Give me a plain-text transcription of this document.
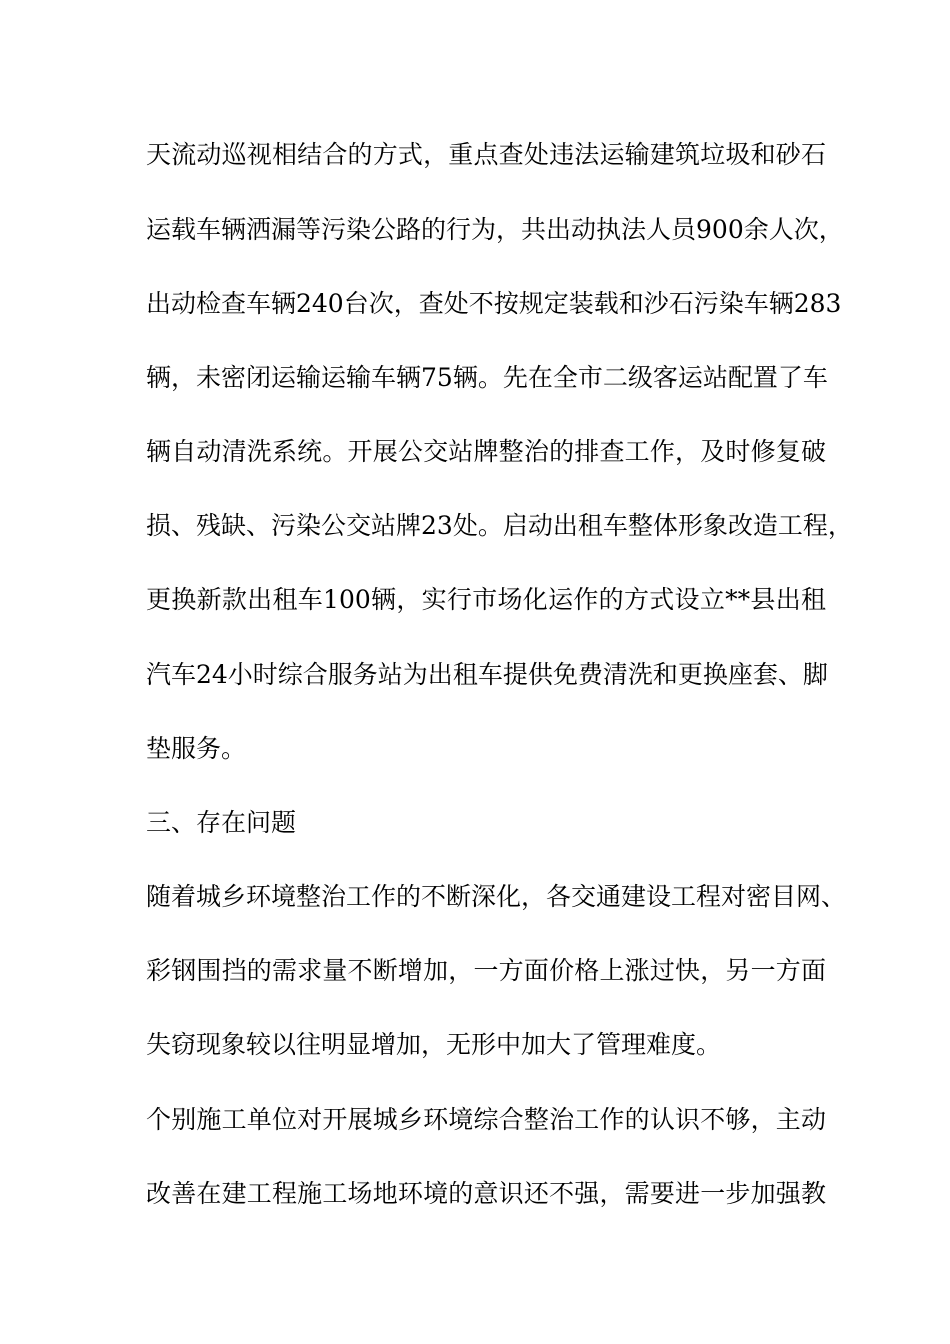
天流动巡视相结合的方式，重点查处违法运输建筑垃圾和砂石
运载车辆洒漏等污染公路的行为，共出动执法人员900余人次，
出动检查车辆240台次，查处不按规定装载和沙石污染车辆283
辆，未密闭运输运输车辆75辆。先在全市二级客运站配置了车
辆自动清洗系统。开展公交站牌整治的排查工作，及时修复破
损、残缺、污染公交站牌23处。启动出租车整体形象改造工程，
更换新款出租车100辆，实行市场化运作的方式设立**县出租
汽车24小时综合服务站为出租车提供免费清洗和更换座套、脚
垫服务。
三、存在问题
随着城乡环境整治工作的不断深化，各交通建设工程对密目网、
彩钢围挡的需求量不断增加，一方面价格上涨过快，另一方面
失窃现象较以往明显增加，无形中加大了管理难度。
个别施工单位对开展城乡环境综合整治工作的认识不够，主动
改善在建工程施工场地环境的意识还不强，需要进一步加强教
